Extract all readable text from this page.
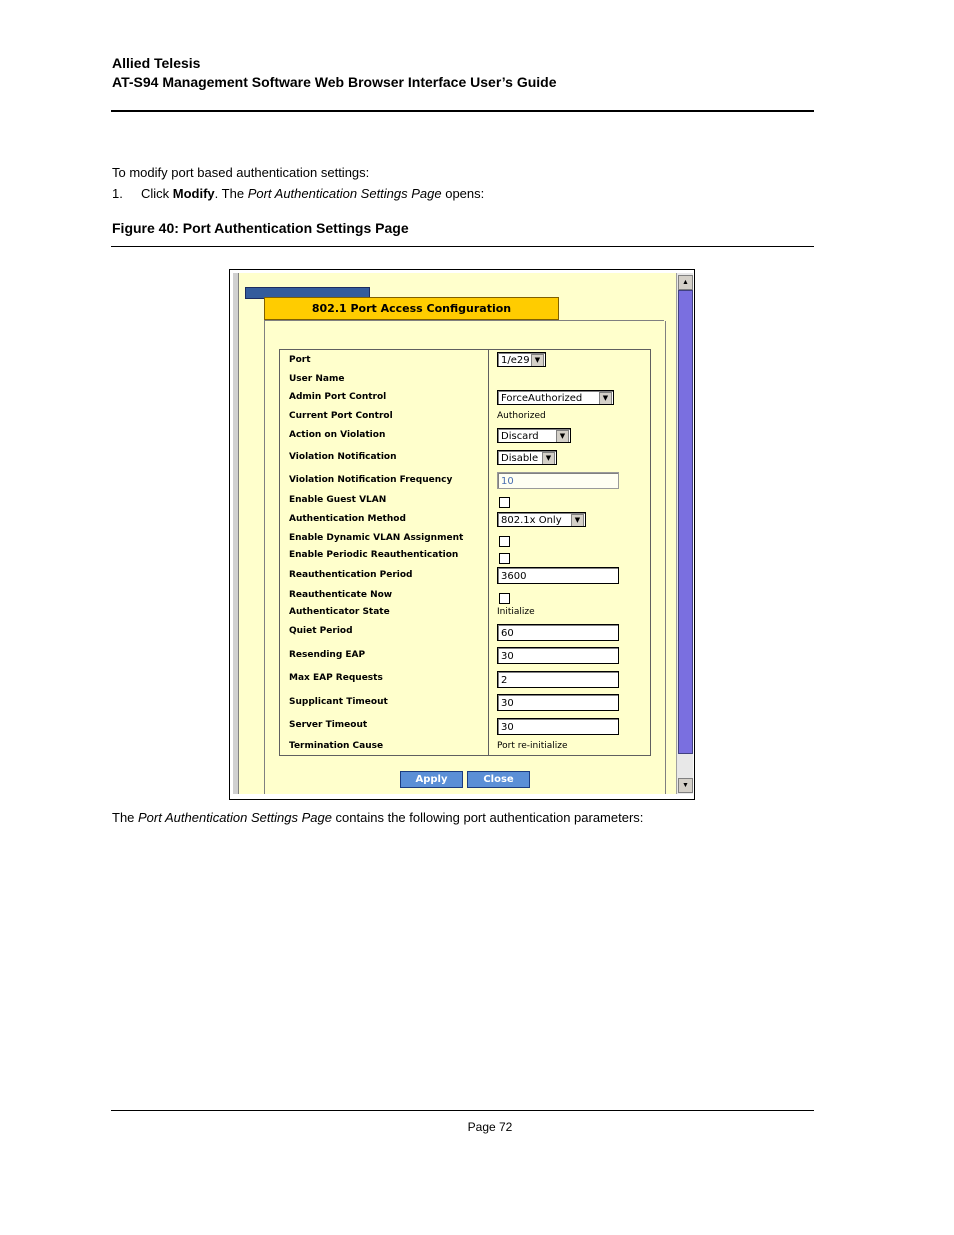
Allied Telesis
AT-S94 Management Software Web Browser Interface User’s Guide
To modify port based authentication settings:
1. Click Modify. The Port Authentication Settings Page opens:
Figure 40: Port Authentication Settings Page
802.1 Port Access Configuration
Port	1/e29 ▼
User Name
Admin Port Control	ForceAuthorized	▼
Current Port Control	Authorized
Action on Violation	Discard	▼
Violation Notification	Disable	▼
Violation Notification Frequency	10
Enable Guest VLAN
Authentication Method	802.1x Only	▼
Enable Dynamic VLAN Assignment
Enable Periodic Reauthentication
Reauthentication Period	3600
Reauthenticate Now
Authenticator State	Initialize
Quiet Period	60
Resending EAP	30
Max EAP Requests	2
Supplicant Timeout	30
Server Timeout	30
Termination Cause	Port re-initialize
Apply	Close
▲
▼
The Port Authentication Settings Page contains the following port authentication parameters:
Page 72
